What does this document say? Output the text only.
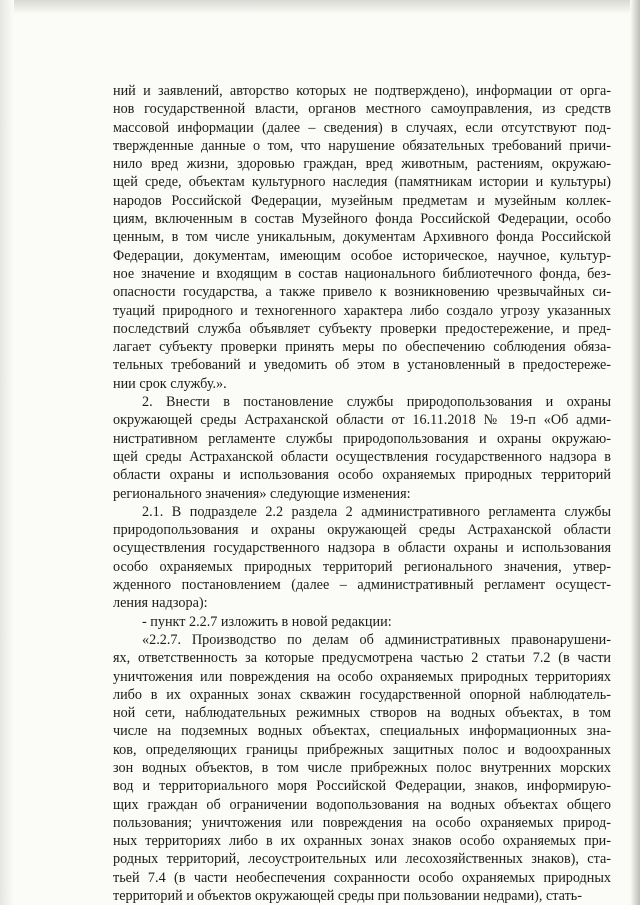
ний и заявлений, авторство которых не подтверждено), информации от орга-
нов государственной власти, органов местного самоуправления, из средств
массовой информации (далее – сведения) в случаях, если отсутствуют под-
твержденные данные о том, что нарушение обязательных требований причи-
нило вред жизни, здоровью граждан, вред животным, растениям, окружаю-
щей среде, объектам культурного наследия (памятникам истории и культуры)
народов Российской Федерации, музейным предметам и музейным коллек-
циям, включенным в состав Музейного фонда Российской Федерации, особо
ценным, в том числе уникальным, документам Архивного фонда Российской
Федерации, документам, имеющим особое историческое, научное, культур-
ное значение и входящим в состав национального библиотечного фонда, без-
опасности государства, а также привело к возникновению чрезвычайных си-
туаций природного и техногенного характера либо создало угрозу указанных
последствий служба объявляет субъекту проверки предостережение, и пред-
лагает субъекту проверки принять меры по обеспечению соблюдения обяза-
тельных требований и уведомить об этом в установленный в предостереже-
нии срок службу.».

2. Внести в постановление службы природопользования и охраны
окружающей среды Астраханской области от 16.11.2018 № 19-п «Об адми-
нистративном регламенте службы природопользования и охраны окружаю-
щей среды Астраханской области осуществления государственного надзора в
области охраны и использования особо охраняемых природных территорий
регионального значения» следующие изменения:

2.1. В подразделе 2.2 раздела 2 административного регламента службы
природопользования и охраны окружающей среды Астраханской области
осуществления государственного надзора в области охраны и использования
особо охраняемых природных территорий регионального значения, утвер-
жденного постановлением (далее – административный регламент осущест-
ления надзора):

- пункт 2.2.7 изложить в новой редакции:

«2.2.7. Производство по делам об административных правонарушени-
ях, ответственность за которые предусмотрена частью 2 статьи 7.2 (в части
уничтожения или повреждения на особо охраняемых природных территориях
либо в их охранных зонах скважин государственной опорной наблюдатель-
ной сети, наблюдательных режимных створов на водных объектах, в том
числе на подземных водных объектах, специальных информационных зна-
ков, определяющих границы прибрежных защитных полос и водоохранных
зон водных объектов, в том числе прибрежных полос внутренних морских
вод и территориального моря Российской Федерации, знаков, информирую-
щих граждан об ограничении водопользования на водных объектах общего
пользования; уничтожения или повреждения на особо охраняемых природ-
ных территориях либо в их охранных зонах знаков особо охраняемых при-
родных территорий, лесоустроительных или лесохозяйственных знаков), ста-
тьей 7.4 (в части необеспечения сохранности особо охраняемых природных
территорий и объектов окружающей среды при пользовании недрами), стать-
